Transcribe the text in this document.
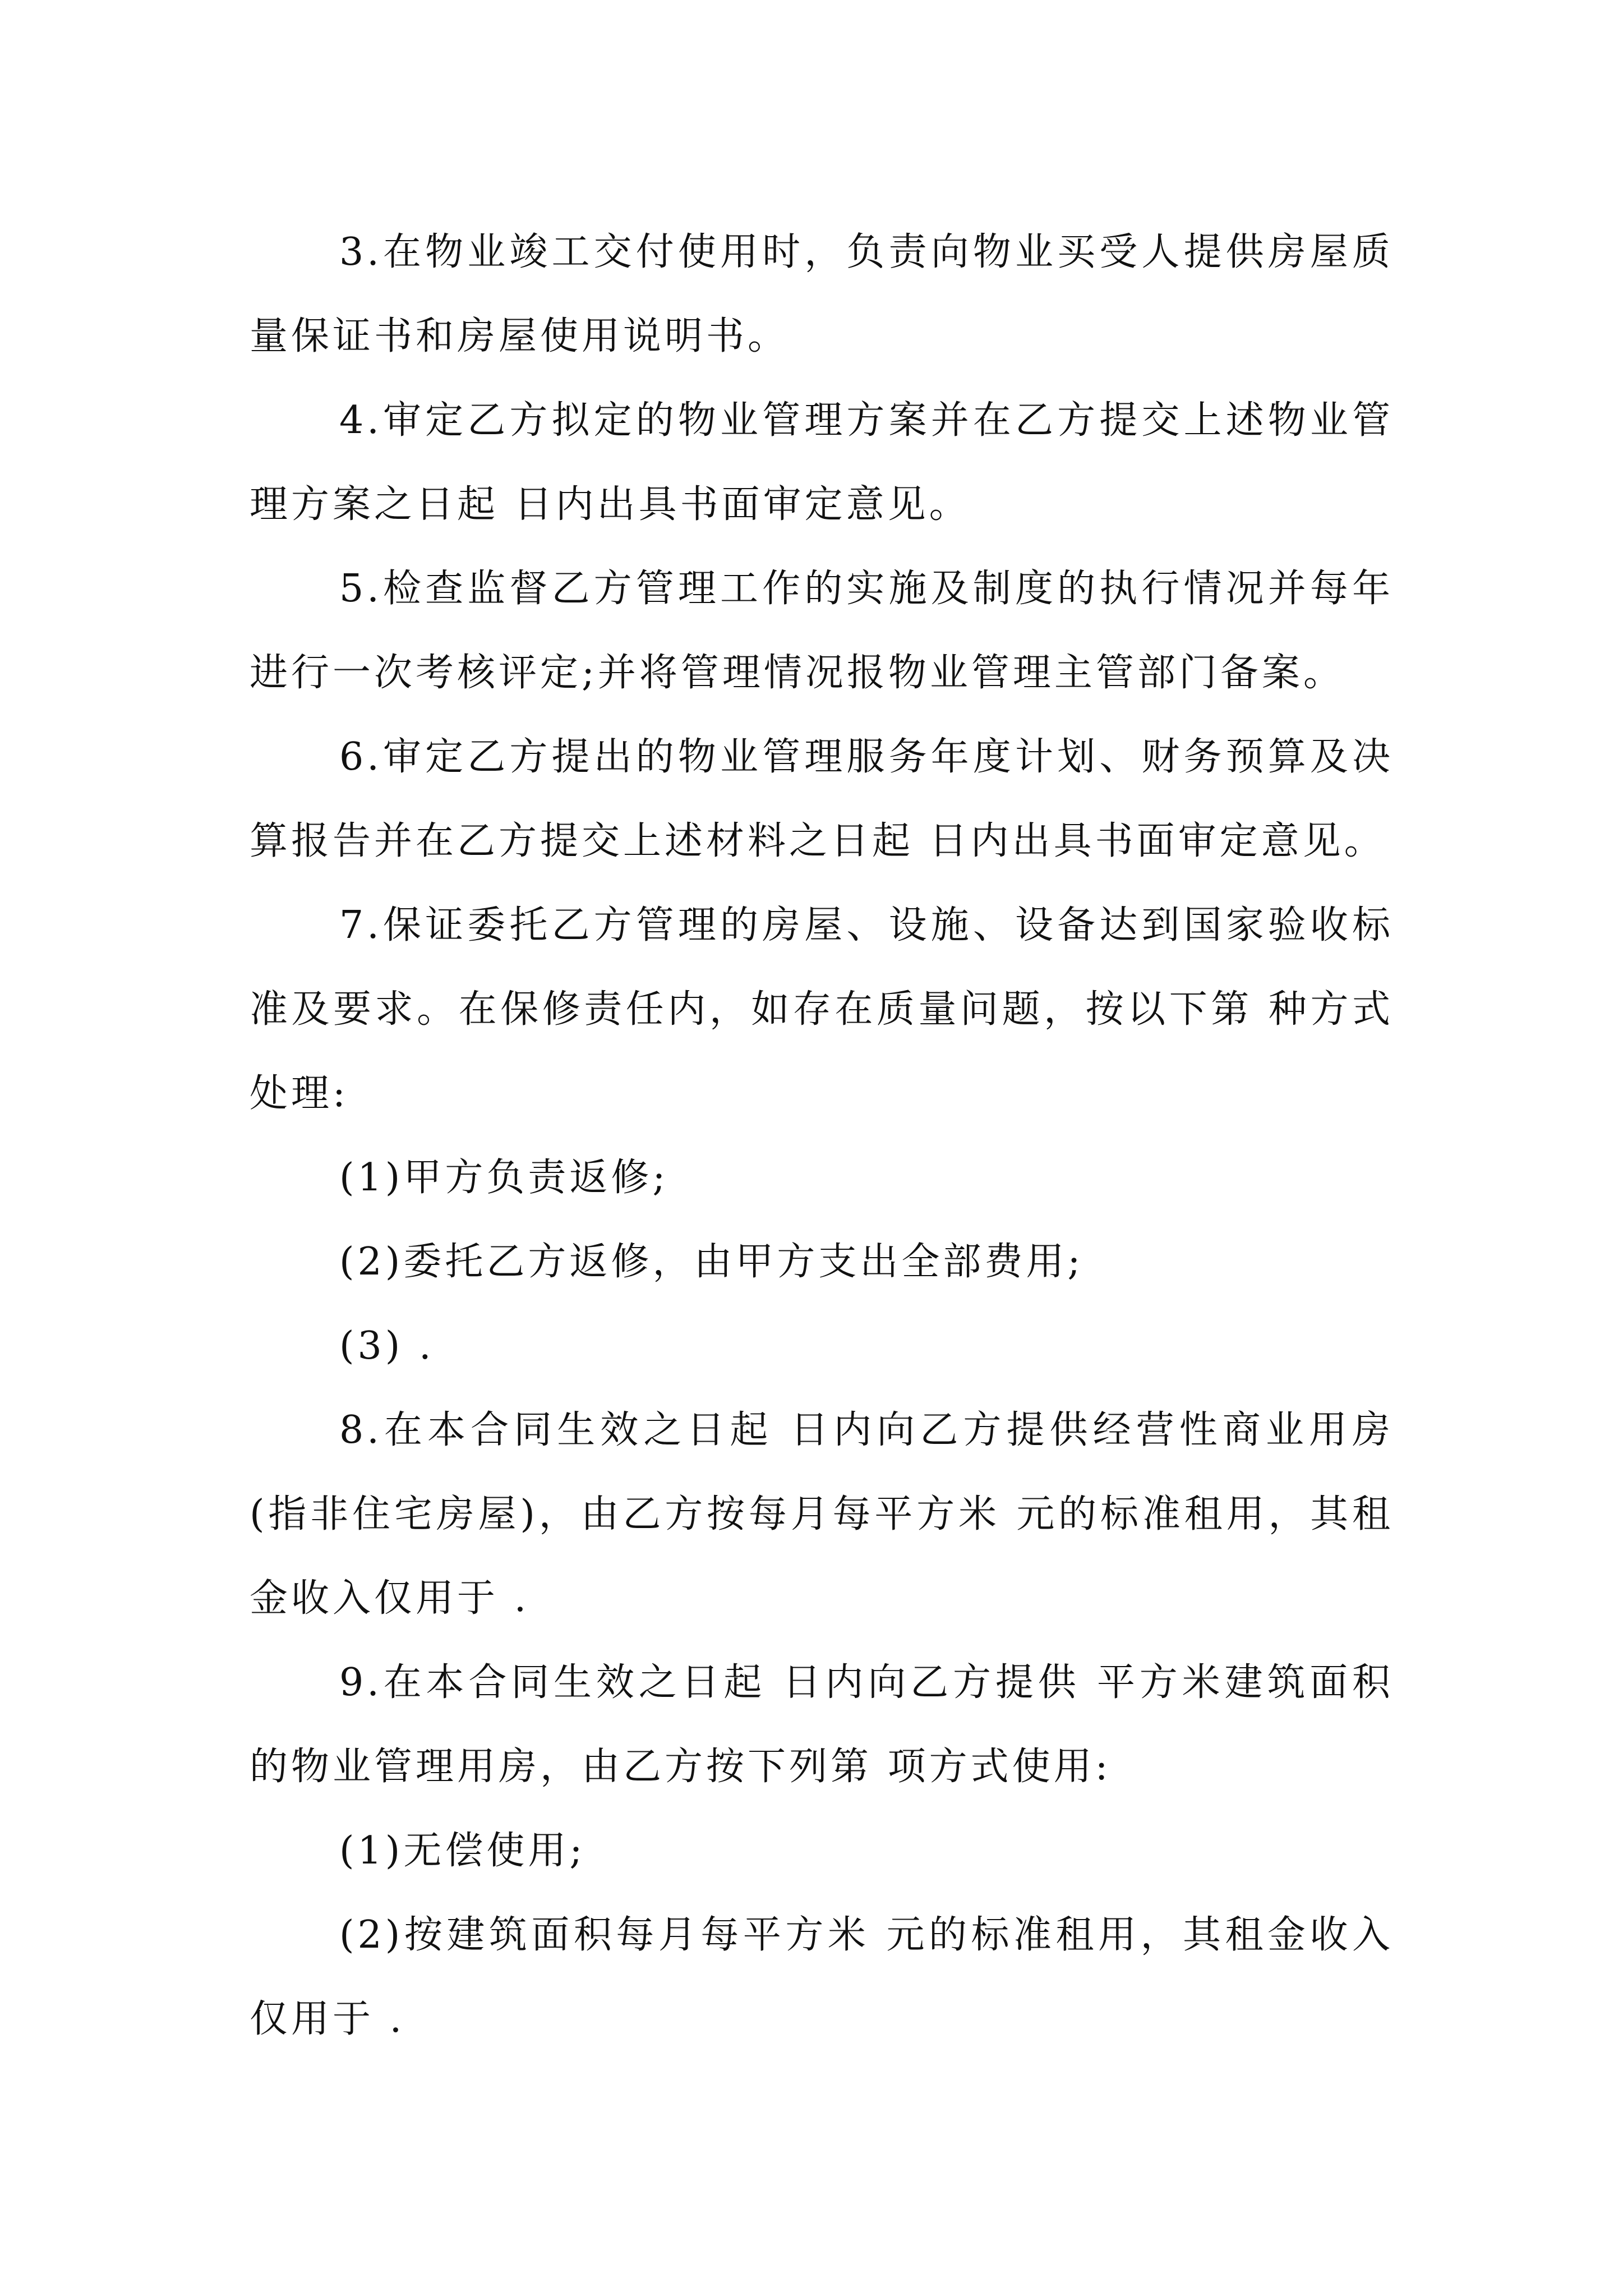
3.在物业竣工交付使用时，负责向物业买受人提供房屋质量保证书和房屋使用说明书。

4.审定乙方拟定的物业管理方案并在乙方提交上述物业管理方案之日起 日内出具书面审定意见。

5.检查监督乙方管理工作的实施及制度的执行情况并每年进行一次考核评定;并将管理情况报物业管理主管部门备案。

6.审定乙方提出的物业管理服务年度计划、财务预算及决算报告并在乙方提交上述材料之日起 日内出具书面审定意见。

7.保证委托乙方管理的房屋、设施、设备达到国家验收标准及要求。在保修责任内，如存在质量问题，按以下第 种方式处理:

(1)甲方负责返修;

(2)委托乙方返修，由甲方支出全部费用;

(3) .

8.在本合同生效之日起 日内向乙方提供经营性商业用房(指非住宅房屋)，由乙方按每月每平方米 元的标准租用，其租金收入仅用于 .

9.在本合同生效之日起 日内向乙方提供 平方米建筑面积的物业管理用房，由乙方按下列第 项方式使用:

(1)无偿使用;

(2)按建筑面积每月每平方米 元的标准租用，其租金收入仅用于 .
